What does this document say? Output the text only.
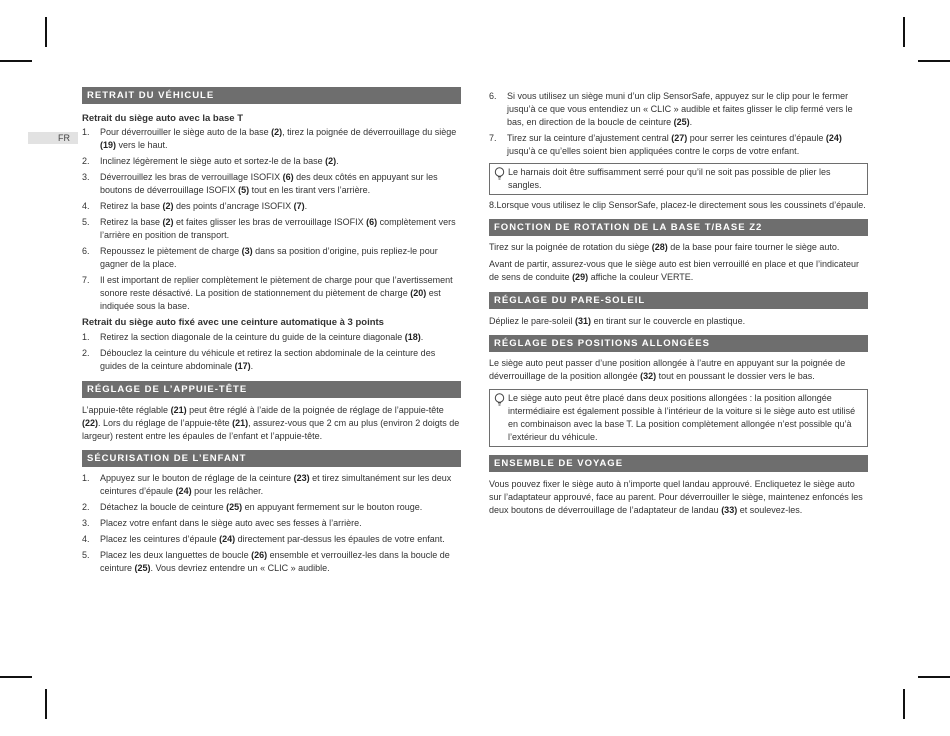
FR
RETRAIT DU VÉHICULE

Retrait du siège auto avec la base T

1. Pour déverrouiller le siège auto de la base (2), tirez la poignée de déverrouillage du siège (19) vers le haut.
2. Inclinez légèrement le siège auto et sortez-le de la base (2).
3. Déverrouillez les bras de verrouillage ISOFIX (6) des deux côtés en appuyant sur les boutons de déverrouillage ISOFIX (5) tout en les tirant vers l’arrière.
4. Retirez la base (2) des points d’ancrage ISOFIX (7).
5. Retirez la base (2) et faites glisser les bras de verrouillage ISOFIX (6) complètement vers l’arrière en position de transport.
6. Repoussez le piètement de charge (3) dans sa position d’origine, puis repliez-le pour gagner de la place.
7. Il est important de replier complètement le piètement de charge pour que l’avertissement sonore reste désactivé. La position de stationnement du piètement de charge (20) est indiquée sous la base.

Retrait du siège auto fixé avec une ceinture automatique à 3 points

1. Retirez la section diagonale de la ceinture du guide de la ceinture diagonale (18).
2. Débouclez la ceinture du véhicule et retirez la section abdominale de la ceinture des guides de la ceinture abdominale (17).
RÉGLAGE DE L’APPUIE-TÊTE

L’appuie-tête réglable (21) peut être réglé à l’aide de la poignée de réglage de l’appuie-tête (22). Lors du réglage de l’appuie-tête (21), assurez-vous que 2 cm au plus (environ 2 doigts de largeur) restent entre les épaules de l’enfant et l’appuie-tête.

SÉCURISATION DE L’ENFANT
1. Appuyez sur le bouton de réglage de la ceinture (23) et tirez simultanément sur les deux ceintures d’épaule (24) pour les relâcher.
2. Détachez la boucle de ceinture (25) en appuyant fermement sur le bouton rouge.
3. Placez votre enfant dans le siège auto avec ses fesses à l’arrière.
4. Placez les ceintures d’épaule (24) directement par-dessus les épaules de votre enfant.
5. Placez les deux languettes de boucle (26) ensemble et verrouillez-les dans la boucle de ceinture (25). Vous devriez entendre un « CLIC » audible.
6. Si vous utilisez un siège muni d’un clip SensorSafe, appuyez sur le clip pour le fermer jusqu’à ce que vous entendiez un « CLIC » audible et faites glisser le clip fermé vers le bas, en direction de la boucle de ceinture (25).
7. Tirez sur la ceinture d’ajustement central (27) pour serrer les ceintures d’épaule (24) jusqu’à ce qu’elles soient bien appliquées contre le corps de votre enfant.
Le harnais doit être suffisamment serré pour qu’il ne soit pas possible de plier les sangles.

8.Lorsque vous utilisez le clip SensorSafe, placez-le directement sous les coussinets d’épaule.

FONCTION DE ROTATION DE LA BASE T/BASE Z2

Tirez sur la poignée de rotation du siège (28) de la base pour faire tourner le siège auto.

Avant de partir, assurez-vous que le siège auto est bien verrouillé en place et que l’indicateur de sens de conduite (29) affiche la couleur VERTE.

RÉGLAGE DU PARE-SOLEIL

Dépliez le pare-soleil (31) en tirant sur le couvercle en plastique.

RÉGLAGE DES POSITIONS ALLONGÉES

Le siège auto peut passer d’une position allongée à l’autre en appuyant sur la poignée de déverrouillage de la position allongée (32) tout en poussant le dossier vers le bas.

Le siège auto peut être placé dans deux positions allongées : la position allongée intermédiaire est également possible à l’intérieur de la voiture si le siège auto est utilisé en combinaison avec la base T. La position complètement allongée n’est possible qu’à l’extérieur du véhicule.
ENSEMBLE DE VOYAGE

Vous pouvez fixer le siège auto à n’importe quel landau approuvé. Encliquetez le siège auto sur l’adaptateur approuvé, face au parent. Pour déverrouiller le siège, maintenez enfoncés les deux boutons de déverrouillage de l’adaptateur de landau (33) et soulevez-les.
